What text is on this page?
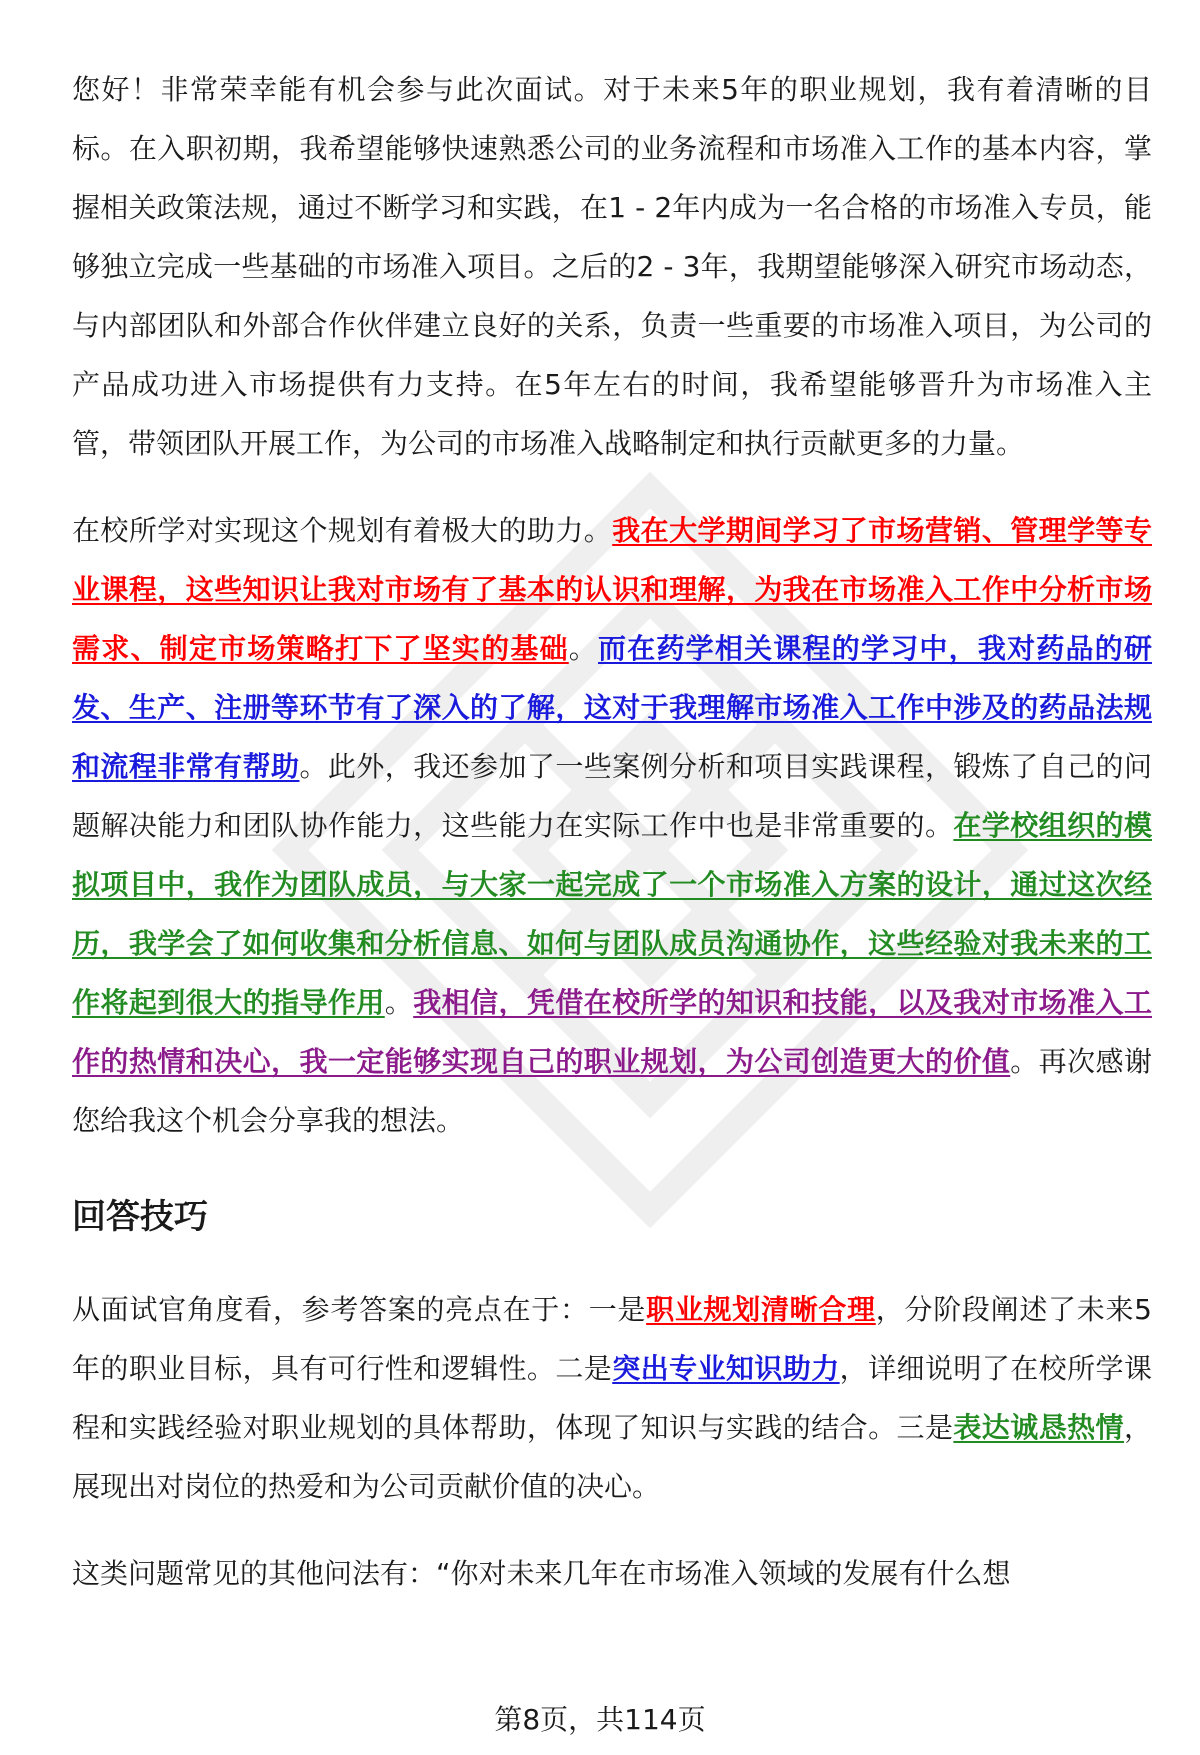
您好！非常荣幸能有机会参与此次面试。对于未来5年的职业规划，我有着清晰的目标。在入职初期，我希望能够快速熟悉公司的业务流程和市场准入工作的基本内容，掌握相关政策法规，通过不断学习和实践，在1 - 2年内成为一名合格的市场准入专员，能够独立完成一些基础的市场准入项目。之后的2 - 3年，我期望能够深入研究市场动态，与内部团队和外部合作伙伴建立良好的关系，负责一些重要的市场准入项目，为公司的产品成功进入市场提供有力支持。在5年左右的时间，我希望能够晋升为市场准入主管，带领团队开展工作，为公司的市场准入战略制定和执行贡献更多的力量。

在校所学对实现这个规划有着极大的助力。我在大学期间学习了市场营销、管理学等专业课程，这些知识让我对市场有了基本的认识和理解，为我在市场准入工作中分析市场需求、制定市场策略打下了坚实的基础。而在药学相关课程的学习中，我对药品的研发、生产、注册等环节有了深入的了解，这对于我理解市场准入工作中涉及的药品法规和流程非常有帮助。此外，我还参加了一些案例分析和项目实践课程，锻炼了自己的问题解决能力和团队协作能力，这些能力在实际工作中也是非常重要的。在学校组织的模拟项目中，我作为团队成员，与大家一起完成了一个市场准入方案的设计，通过这次经历，我学会了如何收集和分析信息、如何与团队成员沟通协作，这些经验对我未来的工作将起到很大的指导作用。我相信，凭借在校所学的知识和技能，以及我对市场准入工作的热情和决心，我一定能够实现自己的职业规划，为公司创造更大的价值。再次感谢您给我这个机会分享我的想法。

回答技巧

从面试官角度看，参考答案的亮点在于：一是职业规划清晰合理，分阶段阐述了未来5年的职业目标，具有可行性和逻辑性。二是突出专业知识助力，详细说明了在校所学课程和实践经验对职业规划的具体帮助，体现了知识与实践的结合。三是表达诚恳热情，展现出对岗位的热爱和为公司贡献价值的决心。

这类问题常见的其他问法有：“你对未来几年在市场准入领域的发展有什么想

第8页，共114页
